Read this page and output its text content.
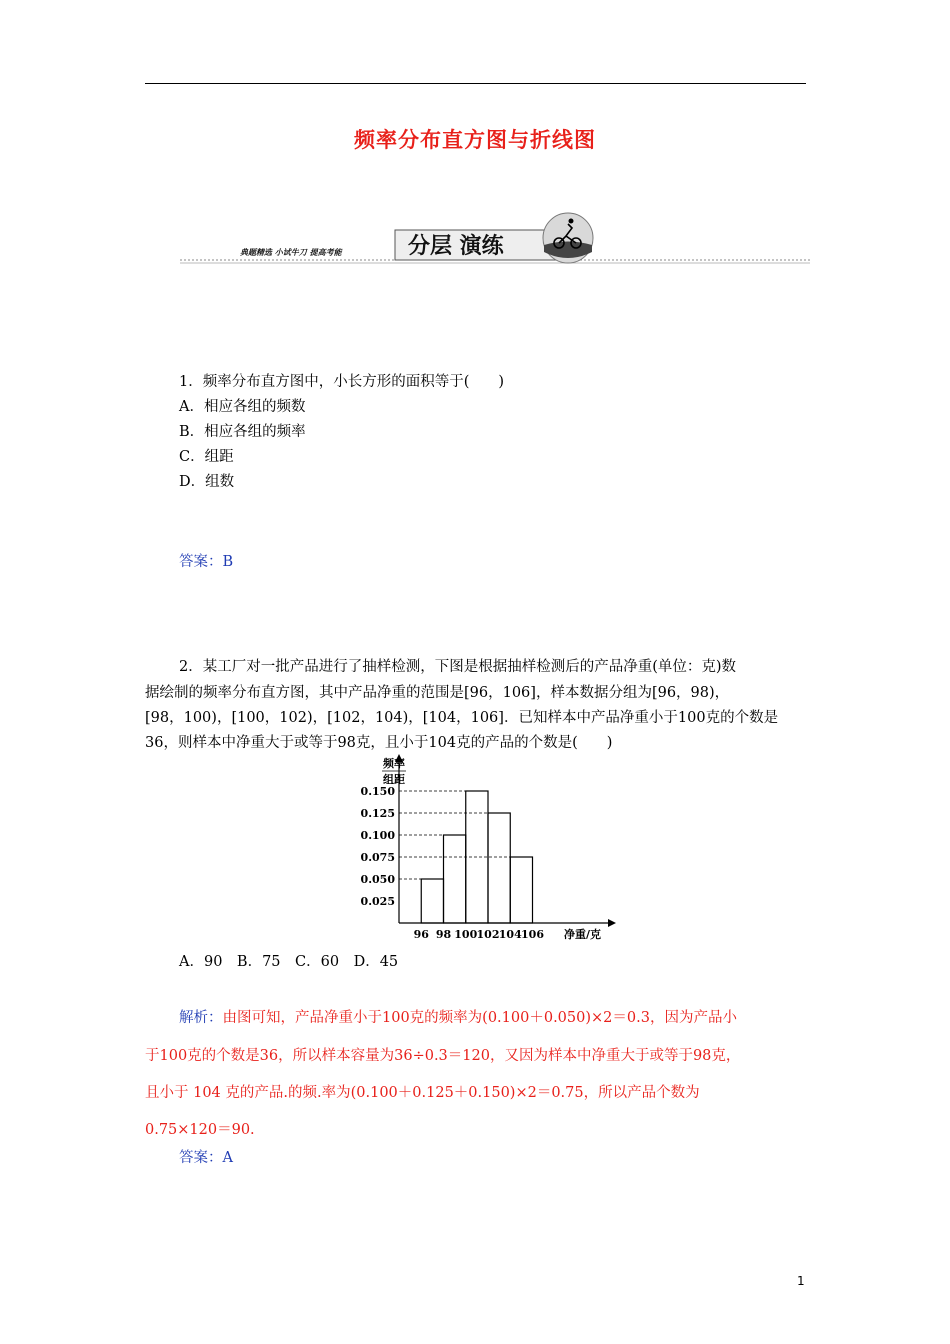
频率分布直方图与折线图
典题精选 小试牛刀 提高考能	分层 演练
1．频率分布直方图中，小长方形的面积等于(　　)
A．相应各组的频数
B．相应各组的频率
C．组距
D．组数
答案：B
2．某工厂对一批产品进行了抽样检测，下图是根据抽样检测后的产品净重(单位：克)数
据绘制的频率分布直方图，其中产品净重的范围是[96，106]，样本数据分组为[96，98)，
[98，100)，[100，102)，[102，104)，[104，106]．已知样本中产品净重小于100克的个数是
36，则样本中净重大于或等于98克，且小于104克的产品的个数是(　　)
0.150
0.125
0.100
0.075
0.050
0.025
96 98 100 102 104 106
频率
组距
净重/克
A．90　B．75　C．60　D．45
解析：由图可知，产品净重小于100克的频率为(0.100＋0.050)×2＝0.3，因为产品小
于100克的个数是36，所以样本容量为36÷0.3＝120，又因为样本中净重大于或等于98克，
且小于 104 克的产品.的频.率为(0.100＋0.125＋0.150)×2＝0.75，所以产品个数为
0.75×120＝90.
答案：A
1
